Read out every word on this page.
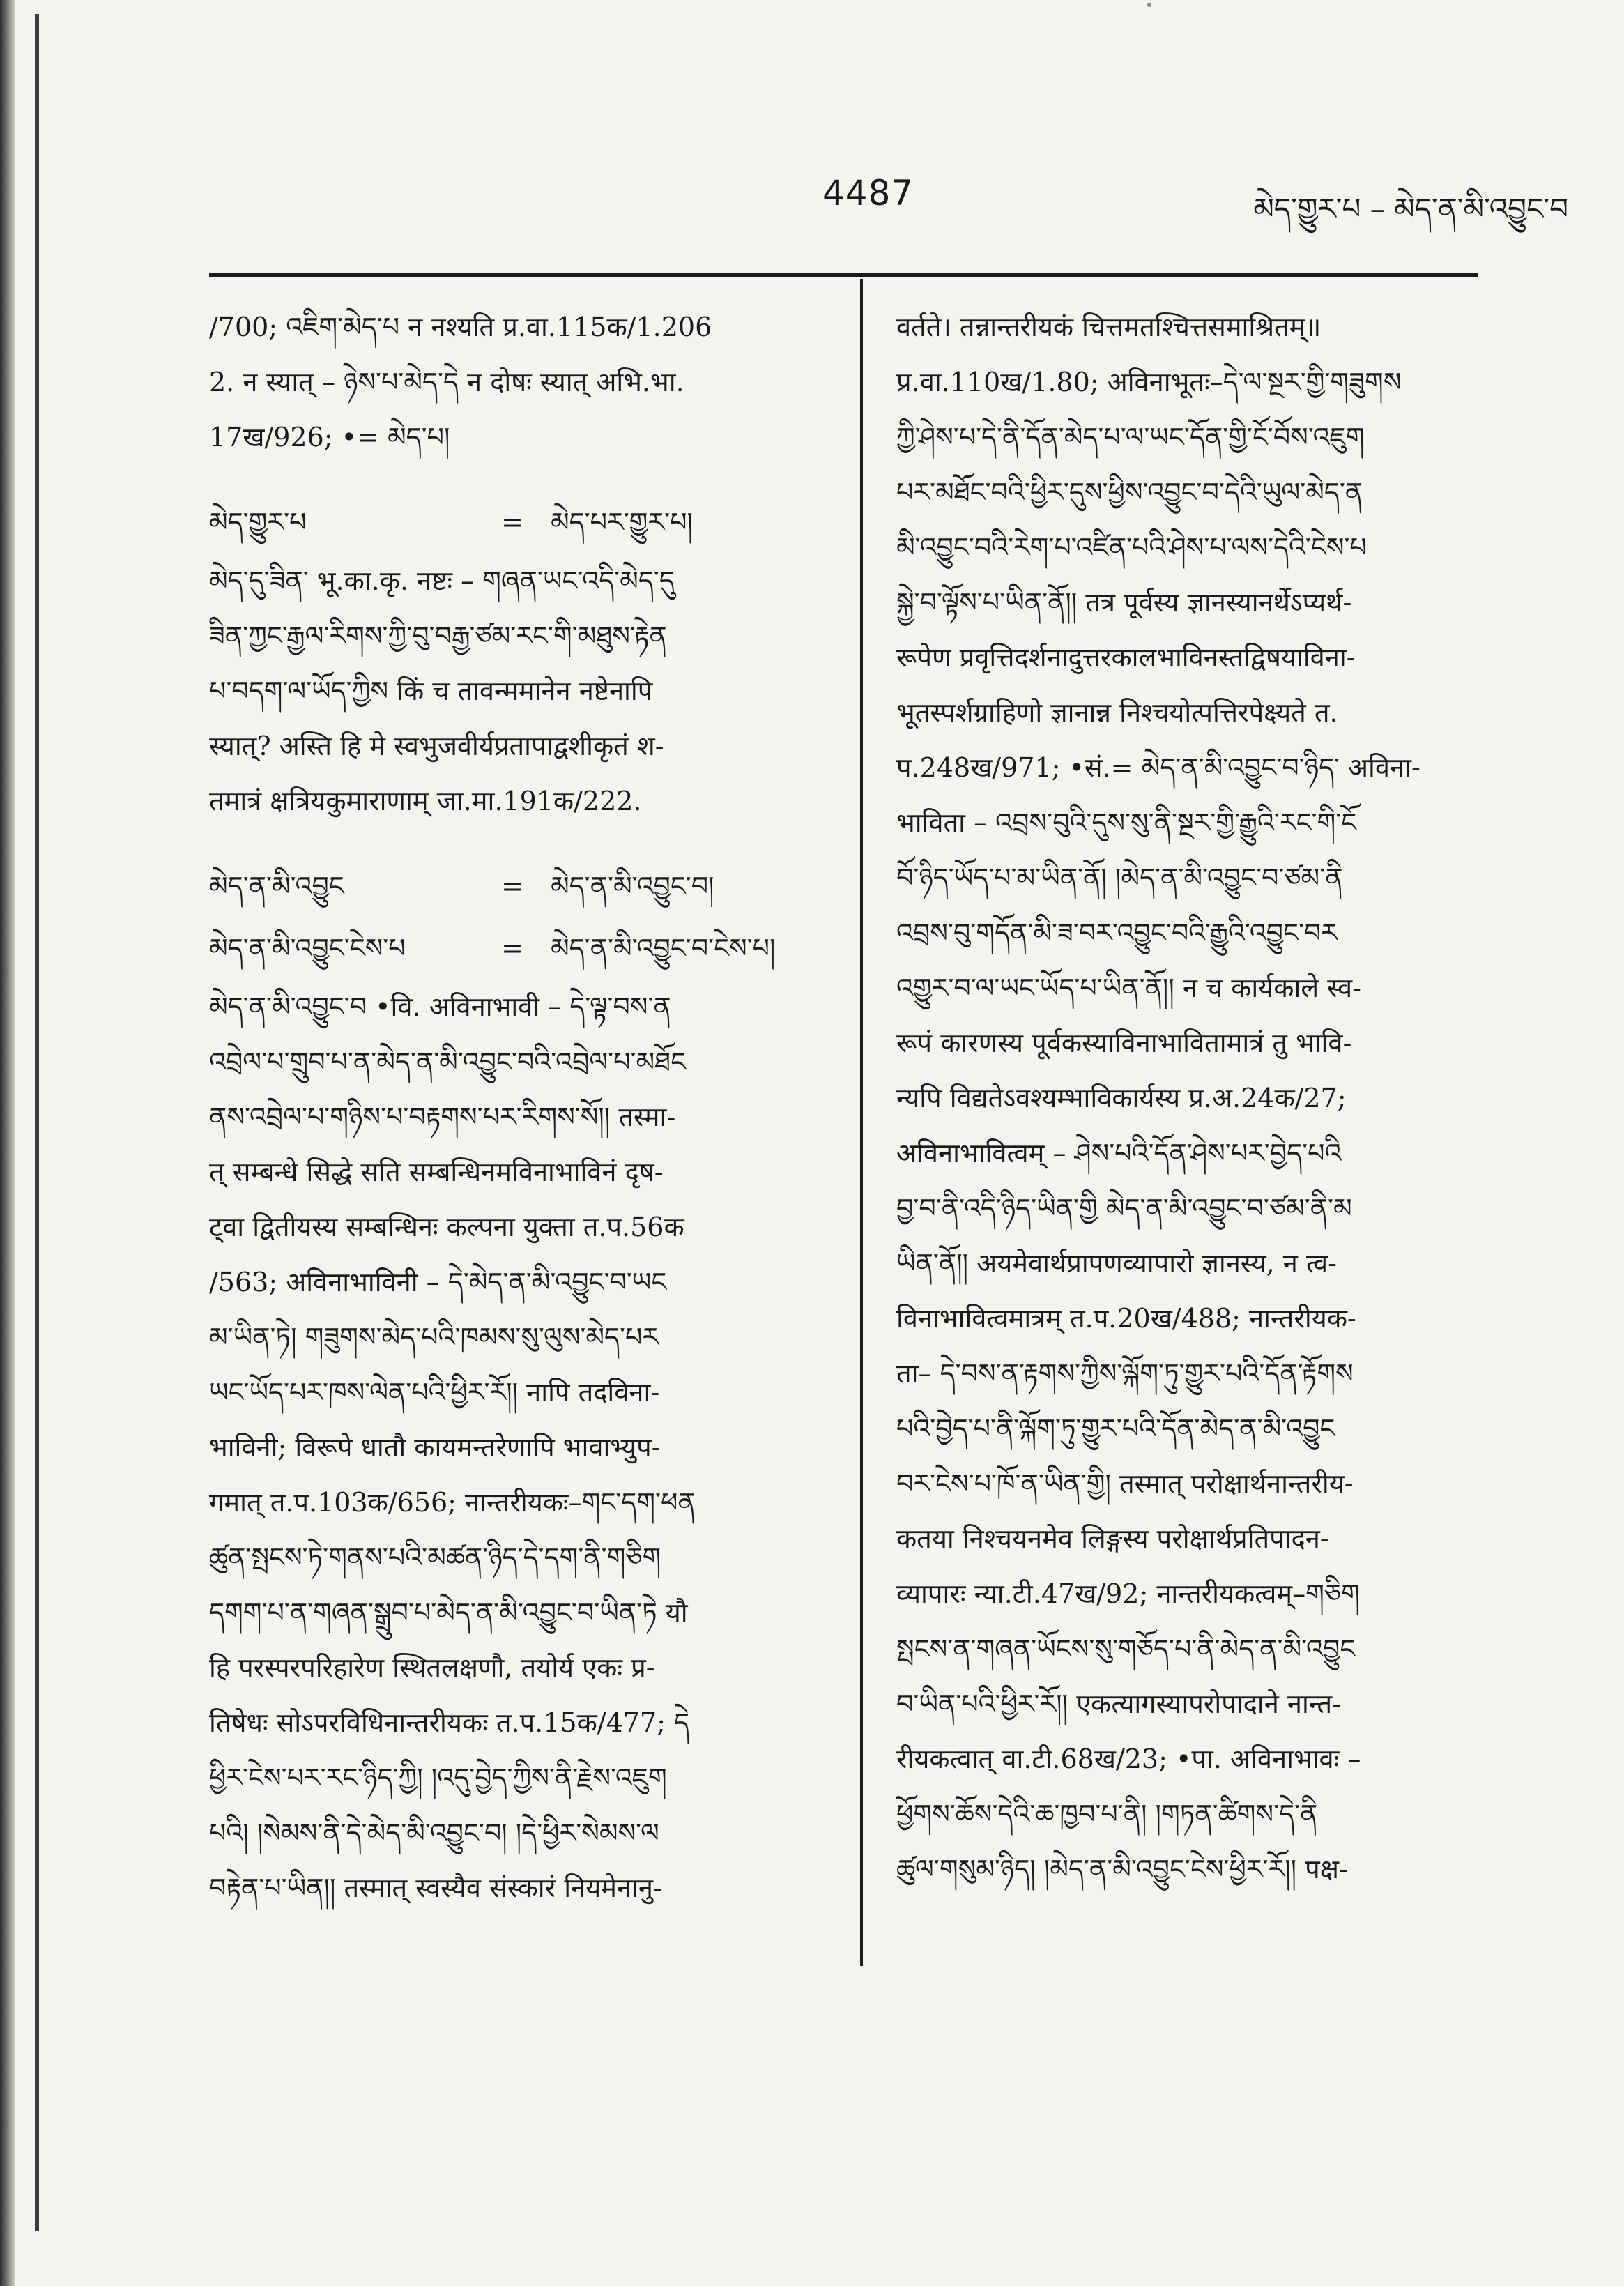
4487	མེད་གྱུར་པ – མེད་ན་མི་འབྱུང་བ
/700; འཇིག་མེད་པ न नश्यति प्र.वा.115क/1.206
2. न स्यात् – ཉེས་པ་མེད་དེ न दोषः स्यात् अभि.भा.
17ख/926; •= མེད་པ།
མེད་གྱུར་པ	=	མེད་པར་གྱུར་པ།
མེད་དུ་ཟིན་ भू.का.कृ. नष्टः – གཞན་ཡང་འདི་མེད་དུ
ཟིན་ཀྱང་རྒྱལ་རིགས་ཀྱི་བུ་བརྒྱ་ཙམ་རང་གི་མཐུས་རྟེན
པ་བདག་ལ་ཡོད་ཀྱིས किं च तावन्ममानेन नष्टेनापि
स्यात्? अस्ति हि मे स्वभुजवीर्यप्रतापाद्वशीकृतं श-
तमात्रं क्षत्रियकुमाराणाम् जा.मा.191क/222.
མེད་ན་མི་འབྱུང	=	མེད་ན་མི་འབྱུང་བ།
མེད་ན་མི་འབྱུང་ངེས་པ	=	མེད་ན་མི་འབྱུང་བ་ངེས་པ།
མེད་ན་མི་འབྱུང་བ •वि. अविनाभावी – དེ་ལྟ་བས་ན
འབྲེལ་པ་གྲུབ་པ་ན་མེད་ན་མི་འབྱུང་བའི་འབྲེལ་པ་མཐོང
ནས་འབྲེལ་པ་གཉིས་པ་བརྟགས་པར་རིགས་སོ།། तस्मा-
त् सम्बन्धे सिद्धे सति सम्बन्धिनमविनाभाविनं दृष-
ट्वा द्वितीयस्य सम्बन्धिनः कल्पना युक्ता त.प.56क
/563; अविनाभाविनी – དེ་མེད་ན་མི་འབྱུང་བ་ཡང
མ་ཡིན་ཏེ། གཟུགས་མེད་པའི་ཁམས་སུ་ལུས་མེད་པར
ཡང་ཡོད་པར་ཁས་ལེན་པའི་ཕྱིར་རོ།། नापि तदविना-
भाविनी; विरूपे धातौ कायमन्तरेणापि भावाभ्युप-
गमात् त.प.103क/656; नान्तरीयकः–གང་དག་ཕན
ཚུན་སྤངས་ཏེ་གནས་པའི་མཚན་ཉིད་དེ་དག་ནི་གཅིག
དགག་པ་ན་གཞན་སྒྲུབ་པ་མེད་ན་མི་འབྱུང་བ་ཡིན་ཏེ यौ
हि परस्परपरिहारेण स्थितलक्षणौ, तयोर्य एकः प्र-
तिषेधः सोऽपरविधिनान्तरीयकः त.प.15क/477; དེ
ཕྱིར་ངེས་པར་རང་ཉིད་ཀྱི། །འདུ་བྱེད་ཀྱིས་ནི་རྗེས་འཇུག
པའི། །སེམས་ནི་དེ་མེད་མི་འབྱུང་བ། །དེ་ཕྱིར་སེམས་ལ
བརྟེན་པ་ཡིན།། तस्मात् स्वस्यैव संस्कारं नियमेनानु-
वर्तते। तन्नान्तरीयकं चित्तमतश्चित्तसमाश्रितम्॥
प्र.वा.110ख/1.80; अविनाभूतः–དེ་ལ་སྔར་གྱི་གཟུགས
ཀྱི་ཤེས་པ་དེ་ནི་དོན་མེད་པ་ལ་ཡང་དོན་གྱི་ངོ་བོས་འཇུག
པར་མཐོང་བའི་ཕྱིར་དུས་ཕྱིས་འབྱུང་བ་དེའི་ཡུལ་མེད་ན
མི་འབྱུང་བའི་རེག་པ་འཛིན་པའི་ཤེས་པ་ལས་དེའི་ངེས་པ
སྐྱེ་བ་ལྟོས་པ་ཡིན་ནོ།། तत्र पूर्वस्य ज्ञानस्यानर्थेऽप्यर्थ-
रूपेण प्रवृत्तिदर्शनादुत्तरकालभाविनस्तद्विषयाविना-
भूतस्पर्शग्राहिणो ज्ञानान्न निश्चयोत्पत्तिरपेक्ष्यते त.
प.248ख/971; •सं.= མེད་ན་མི་འབྱུང་བ་ཉིད་ अविना-
भाविता – འབྲས་བུའི་དུས་སུ་ནི་སྔར་གྱི་རྒྱུའི་རང་གི་ངོ
བོ་ཉིད་ཡོད་པ་མ་ཡིན་ནོ། །མེད་ན་མི་འབྱུང་བ་ཙམ་ནི
འབྲས་བུ་གདོན་མི་ཟ་བར་འབྱུང་བའི་རྒྱུའི་འབྱུང་བར
འགྱུར་བ་ལ་ཡང་ཡོད་པ་ཡིན་ནོ།། न च कार्यकाले स्व-
रूपं कारणस्य पूर्वकस्याविनाभावितामात्रं तु भावि-
न्यपि विद्यतेऽवश्यम्भाविकार्यस्य प्र.अ.24क/27;
अविनाभावित्वम् – ཤེས་པའི་དོན་ཤེས་པར་བྱེད་པའི
བྱ་བ་ནི་འདི་ཉིད་ཡིན་གྱི མེད་ན་མི་འབྱུང་བ་ཙམ་ནི་མ
ཡིན་ནོ།། अयमेवार्थप्रापणव्यापारो ज्ञानस्य, न त्व-
विनाभावित्वमात्रम् त.प.20ख/488; नान्तरीयक-
ता– དེ་བས་ན་རྟགས་ཀྱིས་ལྐོག་ཏུ་གྱུར་པའི་དོན་རྟོགས
པའི་བྱེད་པ་ནི་ལྐོག་ཏུ་གྱུར་པའི་དོན་མེད་ན་མི་འབྱུང
བར་ངེས་པ་ཁོ་ན་ཡིན་གྱི། तस्मात् परोक्षार्थनान्तरीय-
कतया निश्चयनमेव लिङ्गस्य परोक्षार्थप्रतिपादन-
व्यापारः न्या.टी.47ख/92; नान्तरीयकत्वम्–གཅིག
སྤངས་ན་གཞན་ཡོངས་སུ་གཅོད་པ་ནི་མེད་ན་མི་འབྱུང
བ་ཡིན་པའི་ཕྱིར་རོ།། एकत्यागस्यापरोपादाने नान्त-
रीयकत्वात् वा.टी.68ख/23; •पा. अविनाभावः –
ཕྱོགས་ཆོས་དེའི་ཆ་ཁྱབ་པ་ནི། །གཏན་ཚིགས་དེ་ནི
ཚུལ་གསུམ་ཉིད། །མེད་ན་མི་འབྱུང་ངེས་ཕྱིར་རོ།། पक्ष-
